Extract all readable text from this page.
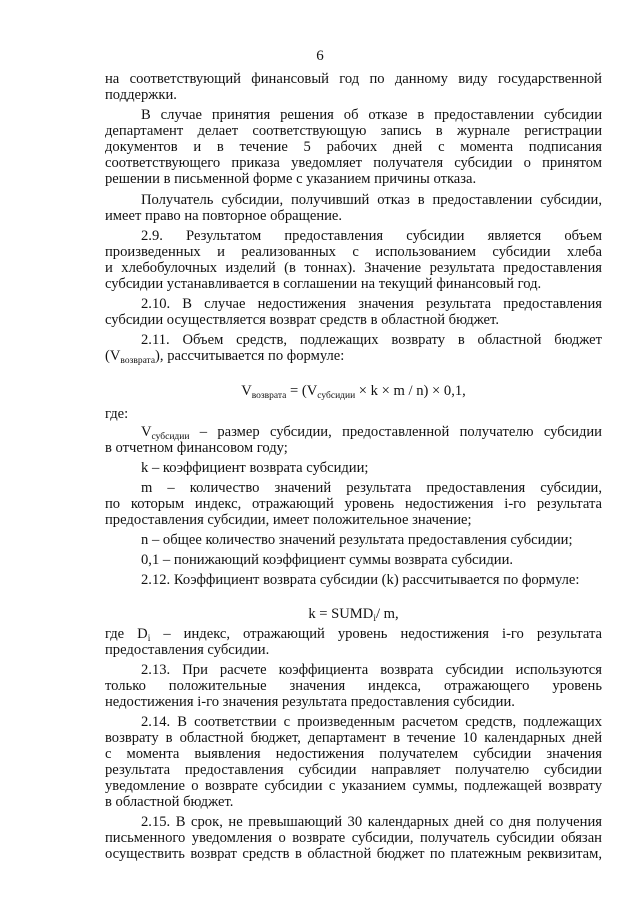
6
на соответствующий финансовый год по данному виду государственной
поддержки.
В случае принятия решения об отказе в предоставлении субсидии
департамент делает соответствующую запись в журнале регистрации
документов и в течение 5 рабочих дней с момента подписания
соответствующего приказа уведомляет получателя субсидии о принятом
решении в письменной форме с указанием причины отказа.
Получатель субсидии, получивший отказ в предоставлении субсидии,
имеет право на повторное обращение.
2.9. Результатом предоставления субсидии является объем
произведенных и реализованных с использованием субсидии хлеба
и хлебобулочных изделий (в тоннах). Значение результата предоставления
субсидии устанавливается в соглашении на текущий финансовый год.
2.10. В случае недостижения значения результата предоставления
субсидии осуществляется возврат средств в областной бюджет.
2.11. Объем средств, подлежащих возврату в областной бюджет
$(V_{возврата})$, рассчитывается по формуле:
$V_{возврата} = (V_{субсидии} \times k \times m / n) \times 0,1$,
где:
$V_{субсидии}$ – размер субсидии, предоставленной получателю субсидии
в отчетном финансовом году;
k – коэффициент возврата субсидии;
m – количество значений результата предоставления субсидии,
по которым индекс, отражающий уровень недостижения i-го результата
предоставления субсидии, имеет положительное значение;
n – общее количество значений результата предоставления субсидии;
0,1 – понижающий коэффициент суммы возврата субсидии.
2.12. Коэффициент возврата субсидии (k) рассчитывается по формуле:
$k = SUMD_i/$ m,
где $D_i$ – индекс, отражающий уровень недостижения i-го результата
предоставления субсидии.
2.13. При расчете коэффициента возврата субсидии используются
только положительные значения индекса, отражающего уровень
недостижения i-го значения результата предоставления субсидии.
2.14. В соответствии с произведенным расчетом средств, подлежащих
возврату в областной бюджет, департамент в течение 10 календарных дней
с момента выявления недостижения получателем субсидии значения
результата предоставления субсидии направляет получателю субсидии
уведомление о возврате субсидии с указанием суммы, подлежащей возврату
в областной бюджет.
2.15. В срок, не превышающий 30 календарных дней со дня получения
письменного уведомления о возврате субсидии, получатель субсидии обязан
осуществить возврат средств в областной бюджет по платежным реквизитам,
